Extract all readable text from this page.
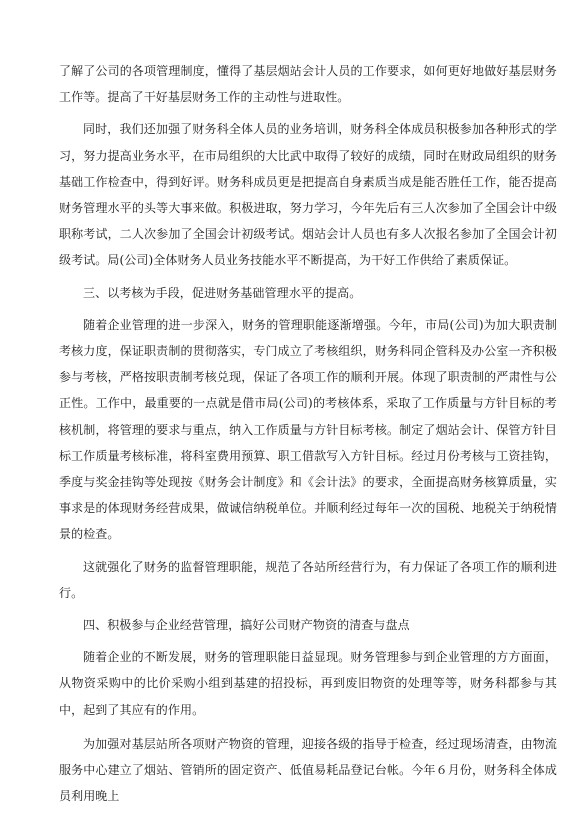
了解了公司的各项管理制度，懂得了基层烟站会计人员的工作要求，如何更好地做好基层财务工作等。提高了干好基层财务工作的主动性与进取性。

同时，我们还加强了财务科全体人员的业务培训，财务科全体成员积极参加各种形式的学习，努力提高业务水平，在市局组织的大比武中取得了较好的成绩，同时在财政局组织的财务基础工作检查中，得到好评。财务科成员更是把提高自身素质当成是能否胜任工作，能否提高财务管理水平的头等大事来做。积极进取，努力学习，今年先后有三人次参加了全国会计中级职称考试，二人次参加了全国会计初级考试。烟站会计人员也有多人次报名参加了全国会计初级考试。局(公司)全体财务人员业务技能水平不断提高，为干好工作供给了素质保证。

三、以考核为手段，促进财务基础管理水平的提高。

随着企业管理的进一步深入，财务的管理职能逐渐增强。今年，市局(公司)为加大职责制考核力度，保证职责制的贯彻落实，专门成立了考核组织，财务科同企管科及办公室一齐积极参与考核，严格按职责制考核兑现，保证了各项工作的顺利开展。体现了职责制的严肃性与公正性。工作中，最重要的一点就是借市局(公司)的考核体系，采取了工作质量与方针目标的考核机制，将管理的要求与重点，纳入工作质量与方针目标考核。制定了烟站会计、保管方针目标工作质量考核标准，将科室费用预算、职工借款写入方针目标。经过月份考核与工资挂钩，季度与奖金挂钩等处现按《财务会计制度》和《会计法》的要求，全面提高财务核算质量，实事求是的体现财务经营成果，做诚信纳税单位。并顺利经过每年一次的国税、地税关于纳税情景的检查。

这就强化了财务的监督管理职能，规范了各站所经营行为，有力保证了各项工作的顺利进行。

四、积极参与企业经营管理，搞好公司财产物资的清查与盘点

随着企业的不断发展，财务的管理职能日益显现。财务管理参与到企业管理的方方面面，从物资采购中的比价采购小组到基建的招投标，再到废旧物资的处理等等，财务科都参与其中，起到了其应有的作用。

为加强对基层站所各项财产物资的管理，迎接各级的指导于检查，经过现场清查，由物流服务中心建立了烟站、管销所的固定资产、低值易耗品登记台帐。今年６月份，财务科全体成员利用晚上
